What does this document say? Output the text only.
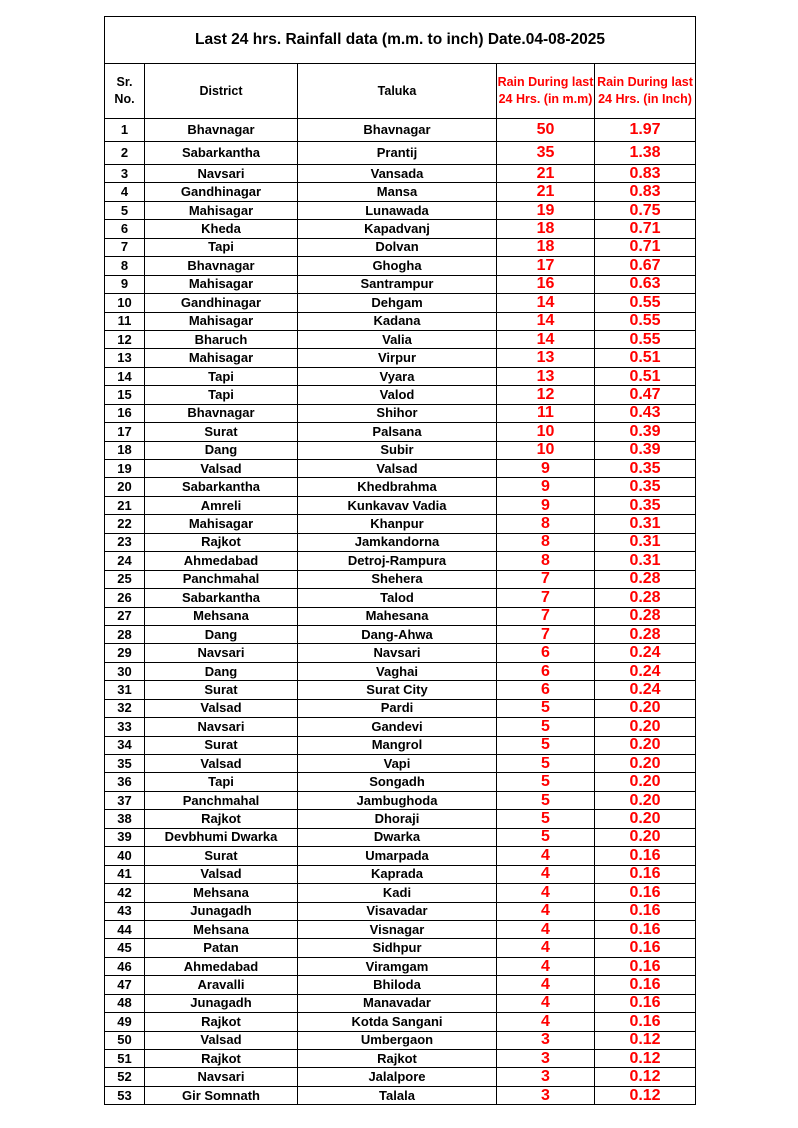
Last 24 hrs. Rainfall data (m.m. to inch) Date.04-08-2025				
Sr. No.	District	Taluka	Rain During last 24 Hrs. (in m.m)	Rain During last 24 Hrs. (in Inch)
1	Bhavnagar	Bhavnagar	50	1.97
2	Sabarkantha	Prantij	35	1.38
3	Navsari	Vansada	21	0.83
4	Gandhinagar	Mansa	21	0.83
5	Mahisagar	Lunawada	19	0.75
6	Kheda	Kapadvanj	18	0.71
7	Tapi	Dolvan	18	0.71
8	Bhavnagar	Ghogha	17	0.67
9	Mahisagar	Santrampur	16	0.63
10	Gandhinagar	Dehgam	14	0.55
11	Mahisagar	Kadana	14	0.55
12	Bharuch	Valia	14	0.55
13	Mahisagar	Virpur	13	0.51
14	Tapi	Vyara	13	0.51
15	Tapi	Valod	12	0.47
16	Bhavnagar	Shihor	11	0.43
17	Surat	Palsana	10	0.39
18	Dang	Subir	10	0.39
19	Valsad	Valsad	9	0.35
20	Sabarkantha	Khedbrahma	9	0.35
21	Amreli	Kunkavav Vadia	9	0.35
22	Mahisagar	Khanpur	8	0.31
23	Rajkot	Jamkandorna	8	0.31
24	Ahmedabad	Detroj-Rampura	8	0.31
25	Panchmahal	Shehera	7	0.28
26	Sabarkantha	Talod	7	0.28
27	Mehsana	Mahesana	7	0.28
28	Dang	Dang-Ahwa	7	0.28
29	Navsari	Navsari	6	0.24
30	Dang	Vaghai	6	0.24
31	Surat	Surat City	6	0.24
32	Valsad	Pardi	5	0.20
33	Navsari	Gandevi	5	0.20
34	Surat	Mangrol	5	0.20
35	Valsad	Vapi	5	0.20
36	Tapi	Songadh	5	0.20
37	Panchmahal	Jambughoda	5	0.20
38	Rajkot	Dhoraji	5	0.20
39	Devbhumi Dwarka	Dwarka	5	0.20
40	Surat	Umarpada	4	0.16
41	Valsad	Kaprada	4	0.16
42	Mehsana	Kadi	4	0.16
43	Junagadh	Visavadar	4	0.16
44	Mehsana	Visnagar	4	0.16
45	Patan	Sidhpur	4	0.16
46	Ahmedabad	Viramgam	4	0.16
47	Aravalli	Bhiloda	4	0.16
48	Junagadh	Manavadar	4	0.16
49	Rajkot	Kotda Sangani	4	0.16
50	Valsad	Umbergaon	3	0.12
51	Rajkot	Rajkot	3	0.12
52	Navsari	Jalalpore	3	0.12
53	Gir Somnath	Talala	3	0.12
